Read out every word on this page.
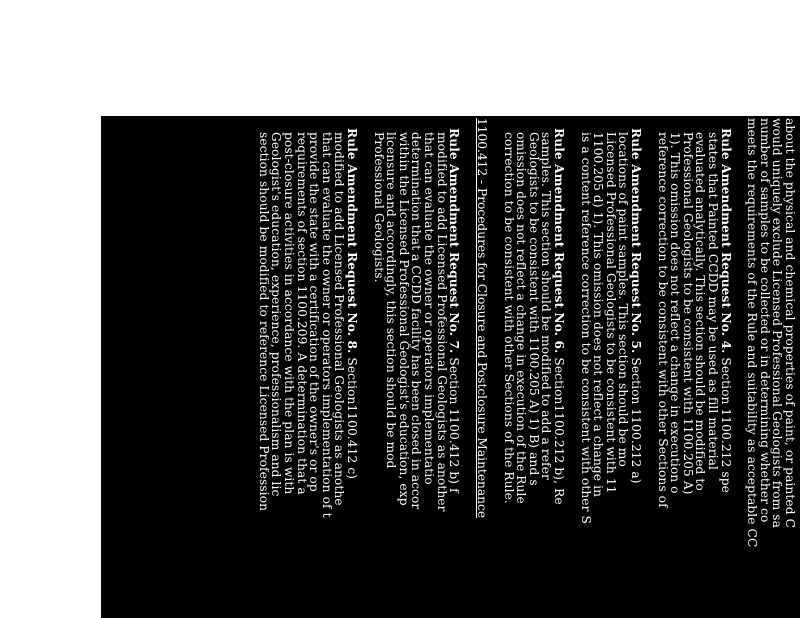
about the physical and chemical properties of paint, or painted C
would uniquely exclude Licensed Professional Geologists from sa
number of samples to be collected or in determining whether co
meets the requirements of the Rule and suitability as acceptable CC
Rule Amendment Request No. 4. Section 1100.212 spe
states that Painted CCDD may be used as fill material
evaluated analytically. This section should be modified to
Professional Geologists to be consistent with 1100.205 A)
1). This omission does not reflect a change in execution o
reference correction to be consistent with other Sections of
Rule Amendment Request No. 5. Section 1100.212 a)
locations of paint samples. This section should be mo
Licensed Professional Geologists to be consistent with 11
1100.205 d) 1). This omission does not reflect a change in
is a content reference correction to be consistent with other S
Rule Amendment Request No. 6. Section1100.212 b), Re
samples. This section should be modified to add a refer
Geologists to be consistent with 1100.205 A) 1) B) and s
omission does not reflect a change in execution of the Rule
correction to be consistent with other Sections of the Rule.
1100.412 - Procedures for Closure and Postclosure Maintenance
Rule Amendment Request No. 7. Section 1100.412 b) f
modified to add Licensed Professional Geologists as another
that can evaluate the owner or operators implementatio
determination that a CCDD facility has been closed in accor
within the Licensed Professional Geologist's education, exp
licensure and accordingly, this section should be mod
Professional Geologists.
Rule Amendment Request No. 8. Section1100.412 c)
modified to add Licensed Professional Geologists as anothe
that can evaluate the owner or operators implementation of t
provide the state with a certification of the owner's or op
requirements of section 1100.209. A determination that a
post-closure activities in accordance with the plan is with
Geologist's education, experience, professionalism and lic
section should be modified to reference Licensed Profession
